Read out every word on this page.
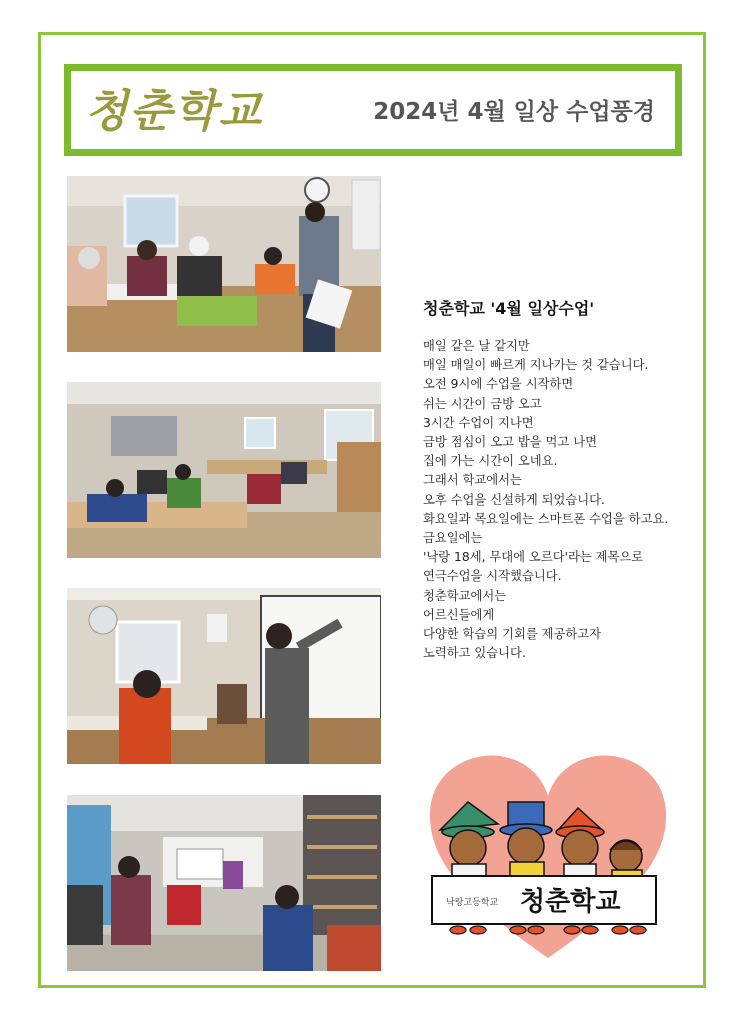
청춘학교	2024년 4월 일상 수업풍경
청춘학교 '4월 일상수업'
매일 같은 날 같지만
매일 매일이 빠르게 지나가는 것 같습니다.
오전 9시에 수업을 시작하면
쉬는 시간이 금방 오고
3시간 수업이 지나면
금방 점심이 오고 밥을 먹고 나면
집에 가는 시간이 오네요.
그래서 학교에서는
오후 수업을 신설하게 되었습니다.
화요일과 목요일에는 스마트폰 수업을 하고요.
금요일에는
'낙랑 18세, 무대에 오르다'라는 제목으로
연극수업을 시작했습니다.
청춘학교에서는
어르신들에게
다양한 학습의 기회를 제공하고자
노력하고 있습니다.
낙랑고등학교 청춘학교
